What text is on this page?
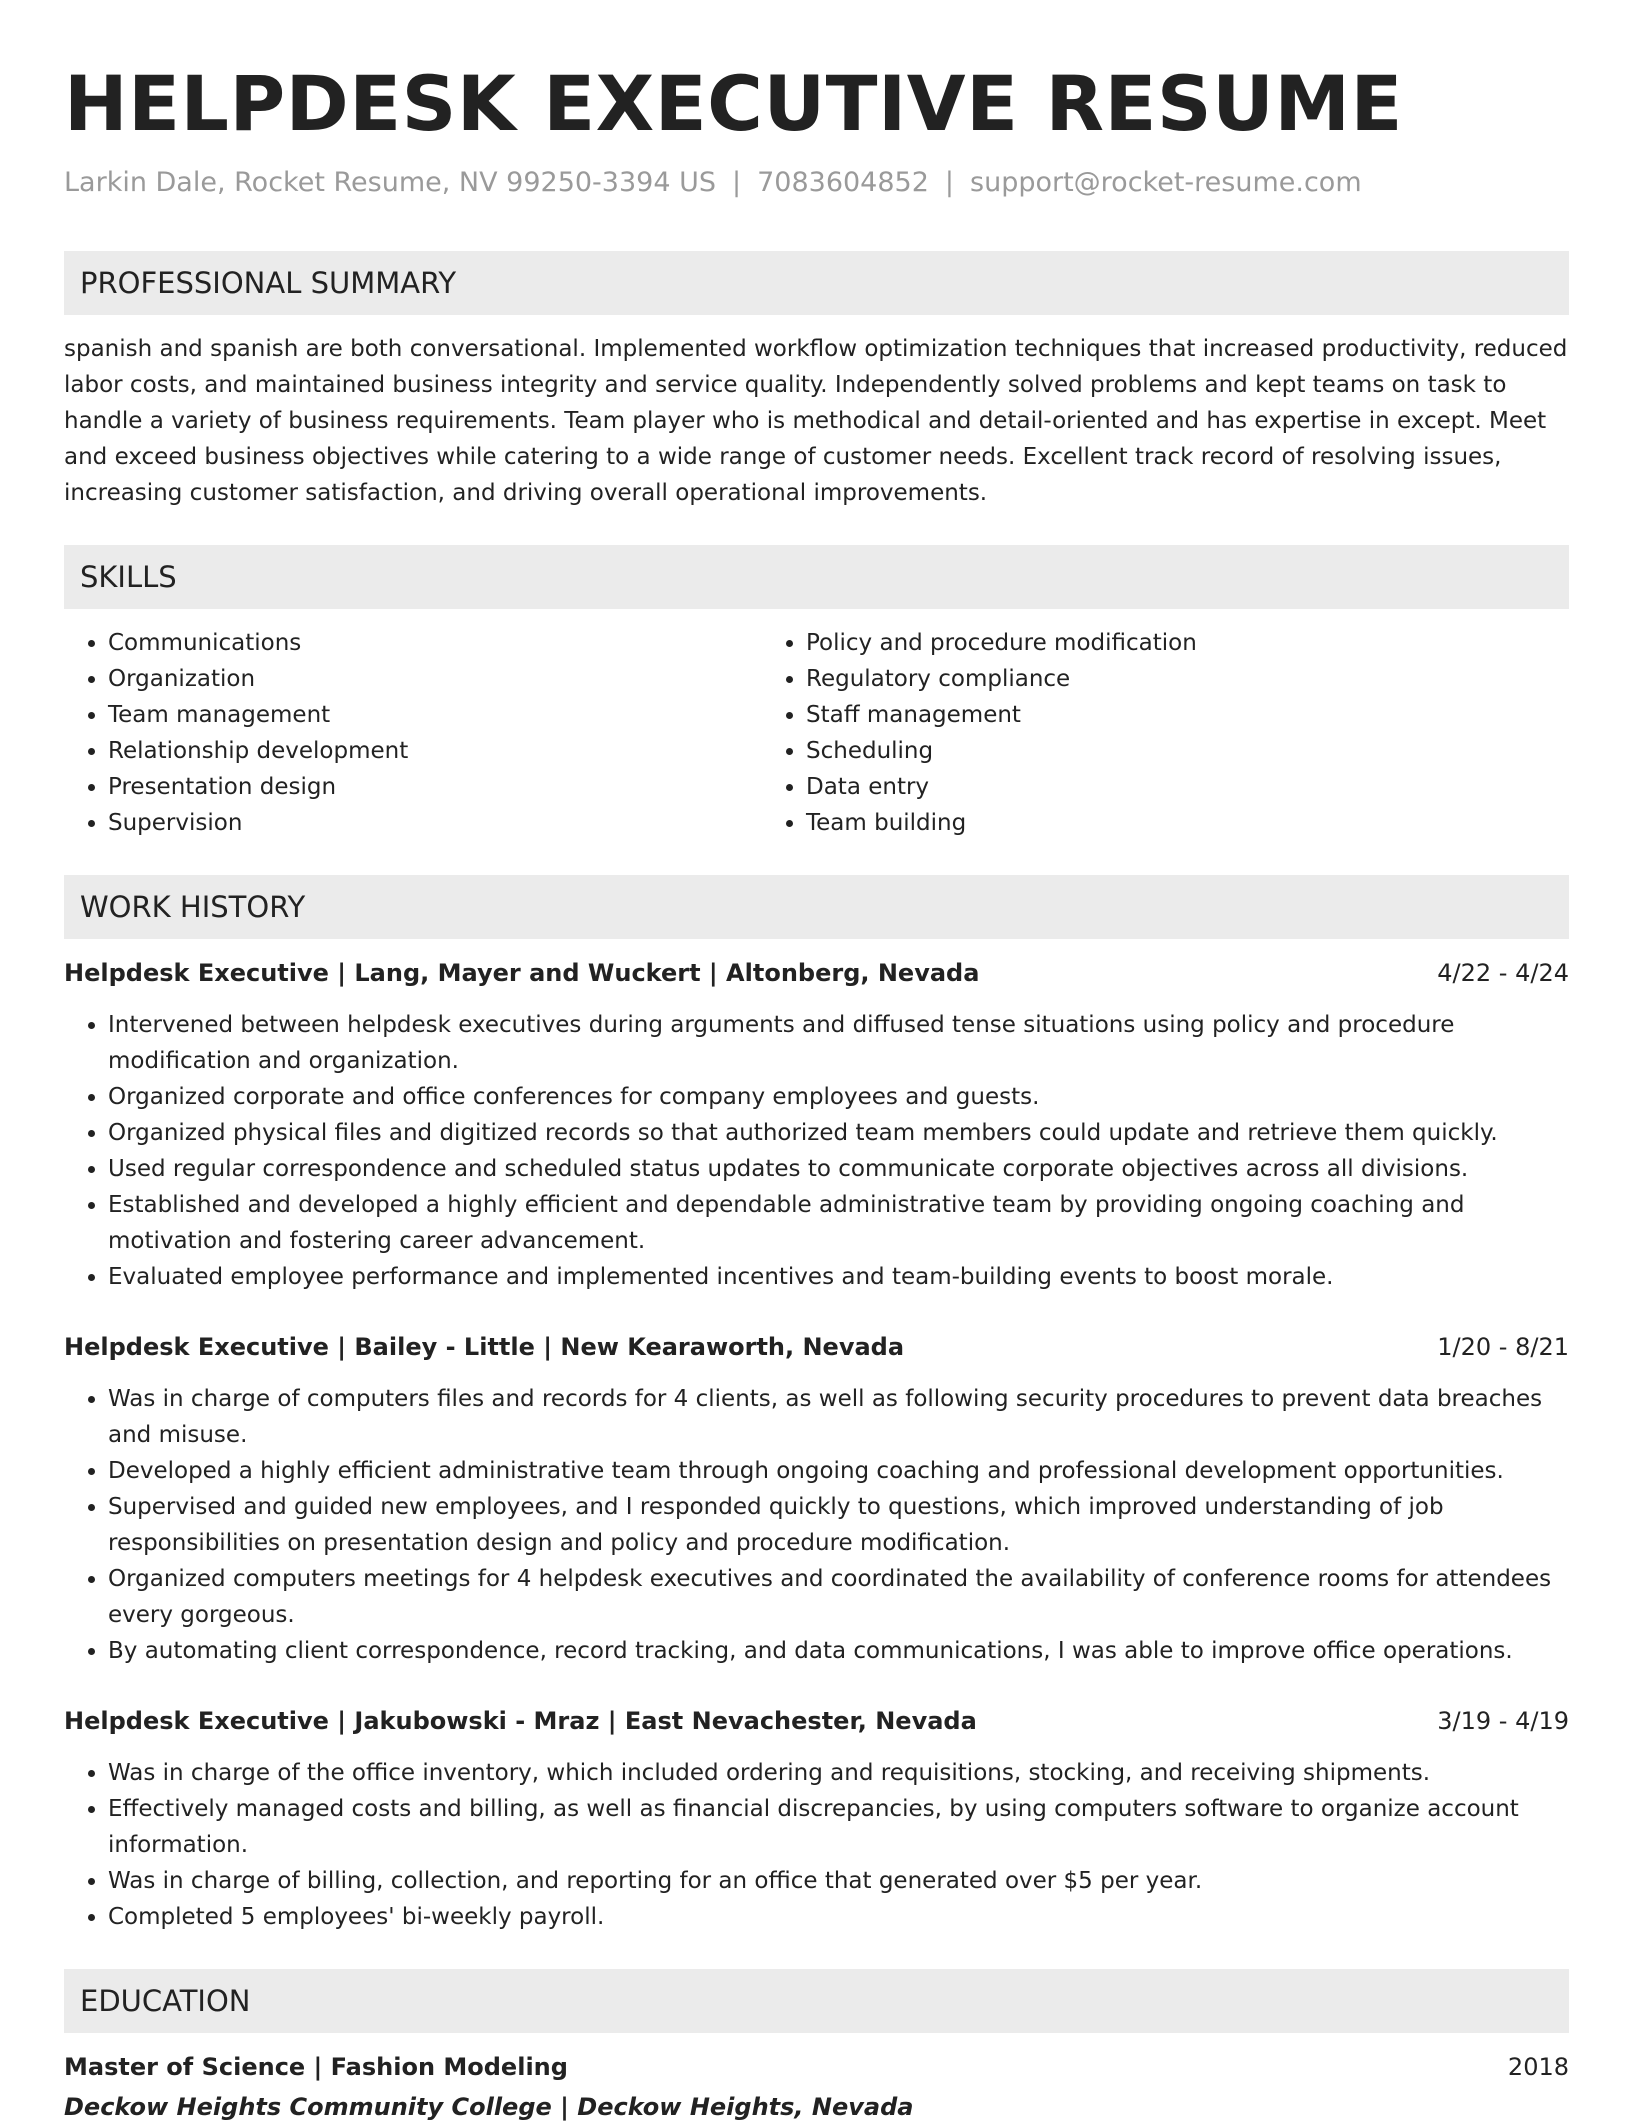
HELPDESK EXECUTIVE RESUME
Larkin Dale, Rocket Resume, NV 99250-3394 US | 7083604852 | support@rocket-resume.com
PROFESSIONAL SUMMARY
spanish and spanish are both conversational. Implemented workflow optimization techniques that increased productivity, reduced labor costs, and maintained business integrity and service quality. Independently solved problems and kept teams on task to handle a variety of business requirements. Team player who is methodical and detail-oriented and has expertise in except. Meet and exceed business objectives while catering to a wide range of customer needs. Excellent track record of resolving issues, increasing customer satisfaction, and driving overall operational improvements.
SKILLS
• Communications
• Organization
• Team management
• Relationship development
• Presentation design
• Supervision
• Policy and procedure modification
• Regulatory compliance
• Staff management
• Scheduling
• Data entry
• Team building
WORK HISTORY
Helpdesk Executive | Lang, Mayer and Wuckert | Altonberg, Nevada	4/22 - 4/24
• Intervened between helpdesk executives during arguments and diffused tense situations using policy and procedure modification and organization.
• Organized corporate and office conferences for company employees and guests.
• Organized physical files and digitized records so that authorized team members could update and retrieve them quickly.
• Used regular correspondence and scheduled status updates to communicate corporate objectives across all divisions.
• Established and developed a highly efficient and dependable administrative team by providing ongoing coaching and motivation and fostering career advancement.
• Evaluated employee performance and implemented incentives and team-building events to boost morale.
Helpdesk Executive | Bailey - Little | New Kearaworth, Nevada	1/20 - 8/21
• Was in charge of computers files and records for 4 clients, as well as following security procedures to prevent data breaches and misuse.
• Developed a highly efficient administrative team through ongoing coaching and professional development opportunities.
• Supervised and guided new employees, and I responded quickly to questions, which improved understanding of job responsibilities on presentation design and policy and procedure modification.
• Organized computers meetings for 4 helpdesk executives and coordinated the availability of conference rooms for attendees every gorgeous.
• By automating client correspondence, record tracking, and data communications, I was able to improve office operations.
Helpdesk Executive | Jakubowski - Mraz | East Nevachester, Nevada	3/19 - 4/19
• Was in charge of the office inventory, which included ordering and requisitions, stocking, and receiving shipments.
• Effectively managed costs and billing, as well as financial discrepancies, by using computers software to organize account information.
• Was in charge of billing, collection, and reporting for an office that generated over $5 per year.
• Completed 5 employees' bi-weekly payroll.
EDUCATION
Master of Science | Fashion Modeling	2018
Deckow Heights Community College | Deckow Heights, Nevada
